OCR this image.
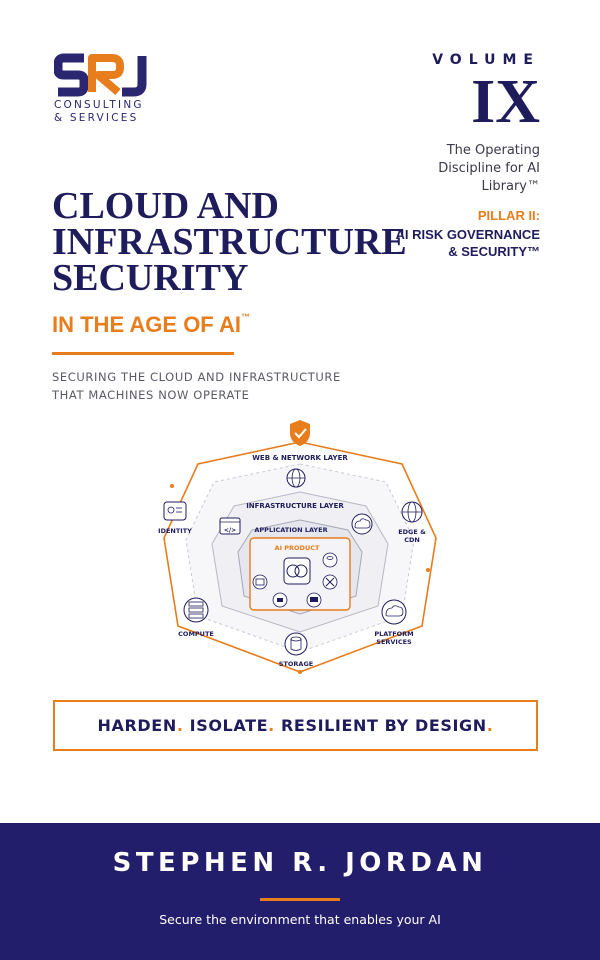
CONSULTING
& SERVICES
VOLUME
IX
The Operating Discipline for AI Library™
PILLAR II:
AI RISK GOVERNANCE & SECURITY™
CLOUD AND
INFRASTRUCTURE
SECURITY
IN THE AGE OF AI™
SECURING THE CLOUD AND INFRASTRUCTURE
THAT MACHINES NOW OPERATE
WEB & NETWORK LAYER
INFRASTRUCTURE LAYER
APPLICATION LAYER
AI PRODUCT
</>
IDENTITY	EDGE &
CDN
COMPUTE
STORAGE
PLATFORM
SERVICES
HARDEN .
ISOLATE .
RESILIENT BY DESIGN .
STEPHEN R. JORDAN
Secure the environment that enables your AI
